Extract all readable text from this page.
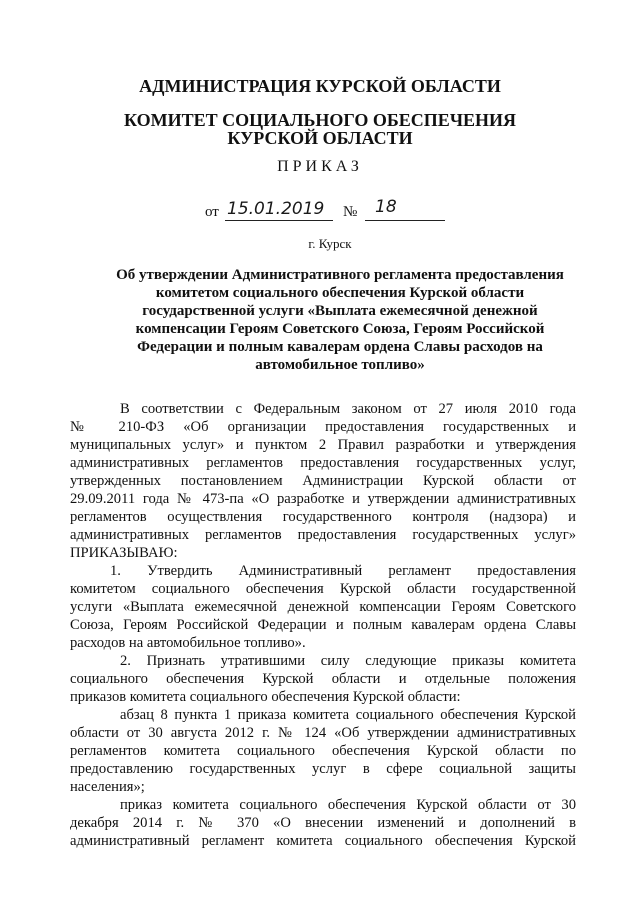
АДМИНИСТРАЦИЯ КУРСКОЙ ОБЛАСТИ
КОМИТЕТ СОЦИАЛЬНОГО ОБЕСПЕЧЕНИЯ
КУРСКОЙ ОБЛАСТИ
ПРИКАЗ
от 15.01.2019 № 18
г. Курск
Об утверждении Административного регламента предоставления
комитетом социального обеспечения Курской области
государственной услуги «Выплата ежемесячной денежной
компенсации Героям Советского Союза, Героям Российской
Федерации и полным кавалерам ордена Славы расходов на
автомобильное топливо»
В соответствии с Федеральным законом от 27 июля 2010 года
№ 210-ФЗ «Об организации предоставления государственных и
муниципальных услуг» и пунктом 2 Правил разработки и утверждения
административных регламентов предоставления государственных услуг,
утвержденных постановлением Администрации Курской области от
29.09.2011 года № 473-па «О разработке и утверждении административных
регламентов осуществления государственного контроля (надзора) и
административных регламентов предоставления государственных услуг»
ПРИКАЗЫВАЮ:
1. Утвердить Административный регламент предоставления
комитетом социального обеспечения Курской области государственной
услуги «Выплата ежемесячной денежной компенсации Героям Советского
Союза, Героям Российской Федерации и полным кавалерам ордена Славы
расходов на автомобильное топливо».
2. Признать утратившими силу следующие приказы комитета
социального обеспечения Курской области и отдельные положения
приказов комитета социального обеспечения Курской области:
абзац 8 пункта 1 приказа комитета социального обеспечения Курской
области от 30 августа 2012 г. № 124 «Об утверждении административных
регламентов комитета социального обеспечения Курской области по
предоставлению государственных услуг в сфере социальной защиты
населения»;
приказ комитета социального обеспечения Курской области от 30
декабря 2014 г. № 370 «О внесении изменений и дополнений в
административный регламент комитета социального обеспечения Курской
